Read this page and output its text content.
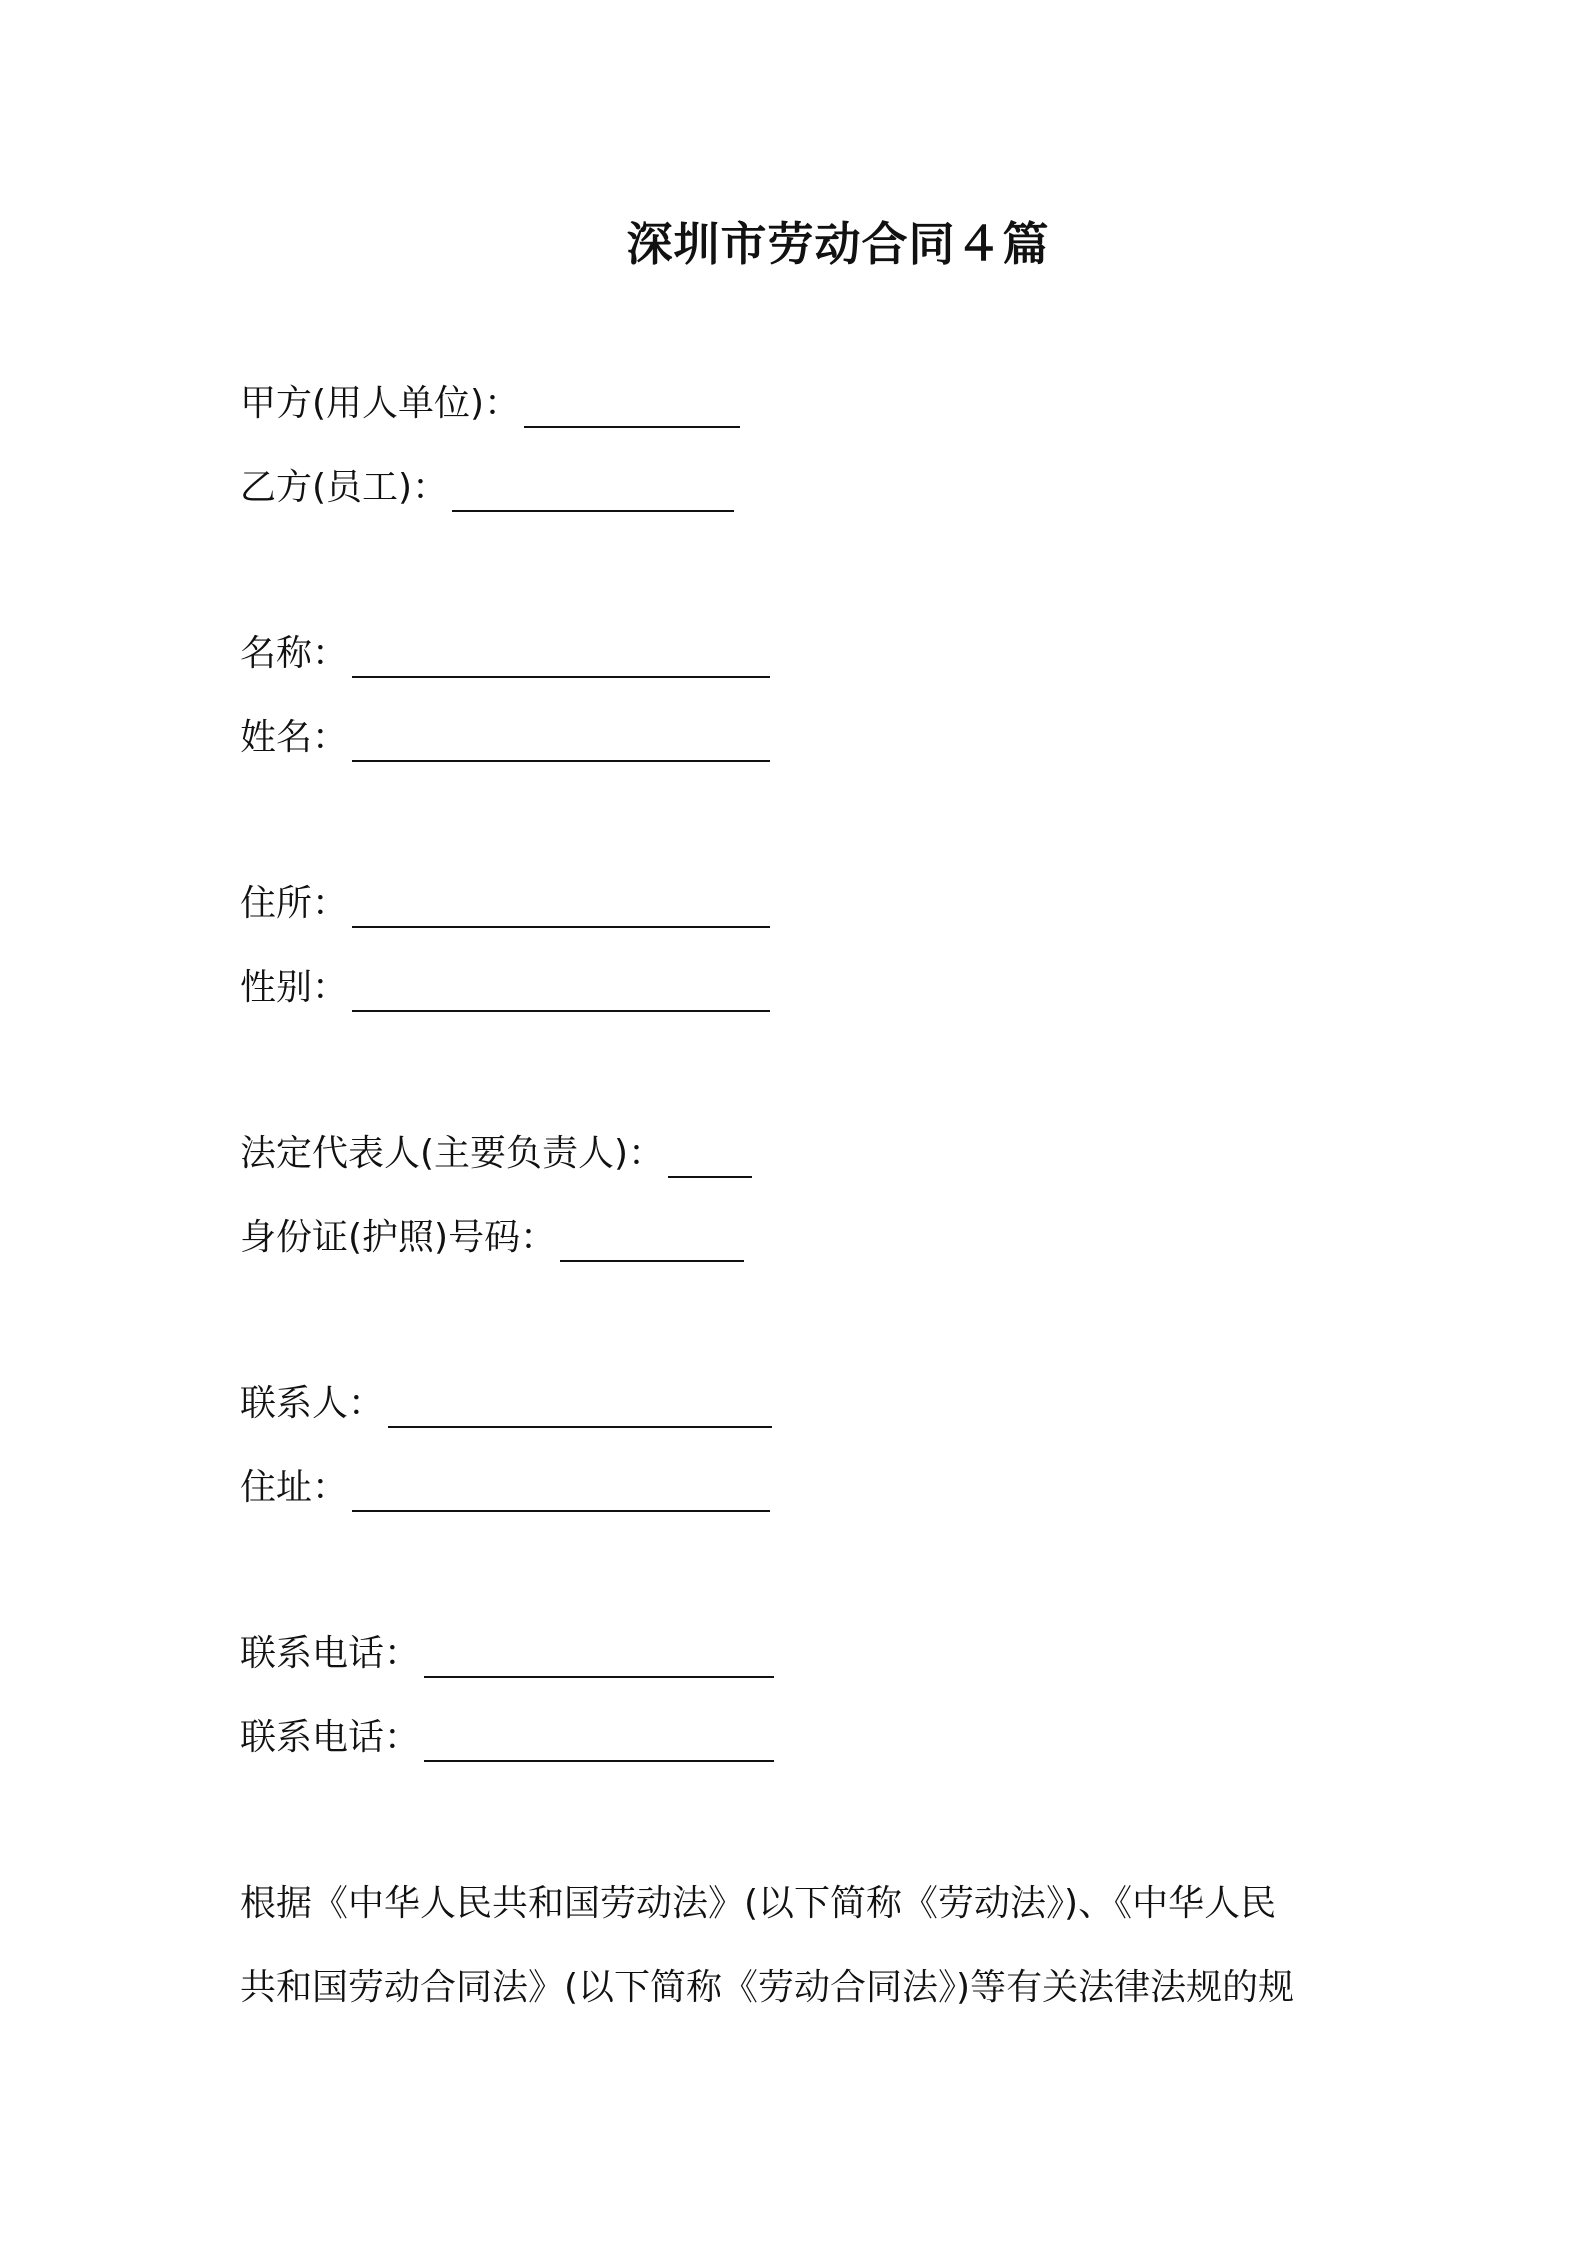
深圳市劳动合同４篇
甲方(用人单位)：
乙方(员工)：
名称：
姓名：
住所：
性别：
法定代表人(主要负责人)：
身份证(护照)号码：
联系人：
住址：
联系电话：
联系电话：
根据《中华人民共和国劳动法》(以下简称《劳动法》)、《中华人民
共和国劳动合同法》(以下简称《劳动合同法》)等有关法律法规的规
